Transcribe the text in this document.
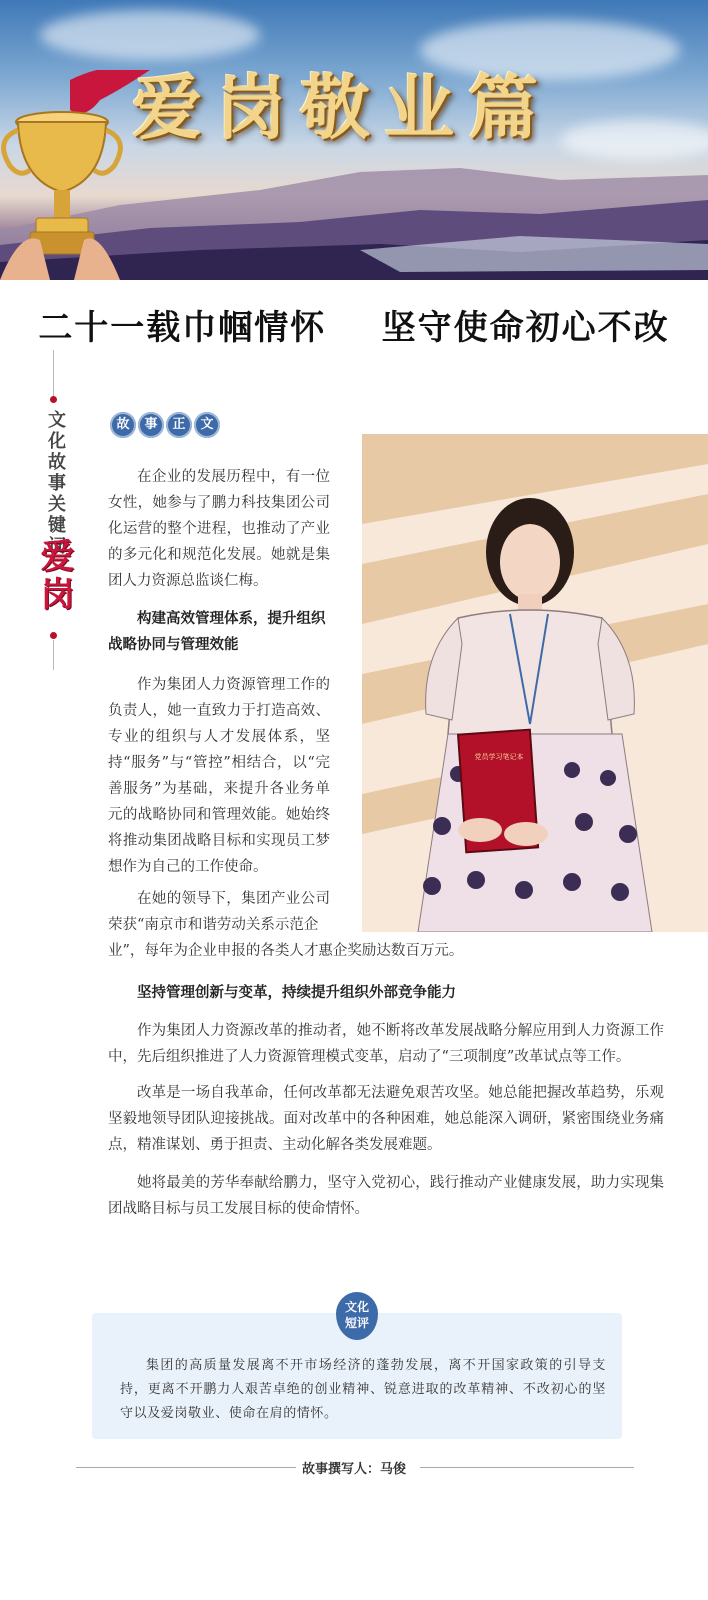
爱岗敬业篇
二十一载巾帼情怀    坚守使命初心不改
文化故事关键词
爱岗
故	事	正	文
党员学习笔记本
在企业的发展历程中，有一位女性，她参与了鹏力科技集团公司化运营的整个进程，也推动了产业的多元化和规范化发展。她就是集团人力资源总监谈仁梅。
构建高效管理体系，提升组织战略协同与管理效能
作为集团人力资源管理工作的负责人，她一直致力于打造高效、专业的组织与人才发展体系，坚持“服务”与“管控”相结合，以“完善服务”为基础，来提升各业务单元的战略协同和管理效能。她始终将推动集团战略目标和实现员工梦想作为自己的工作使命。
在她的领导下，集团产业公司荣获“南京市和谐劳动关系示范企
业”，每年为企业申报的各类人才惠企奖励达数百万元。
坚持管理创新与变革，持续提升组织外部竞争能力
作为集团人力资源改革的推动者，她不断将改革发展战略分解应用到人力资源工作中，先后组织推进了人力资源管理模式变革，启动了“三项制度”改革试点等工作。
改革是一场自我革命，任何改革都无法避免艰苦攻坚。她总能把握改革趋势，乐观坚毅地领导团队迎接挑战。面对改革中的各种困难，她总能深入调研，紧密围绕业务痛点，精准谋划、勇于担责、主动化解各类发展难题。
她将最美的芳华奉献给鹏力，坚守入党初心，践行推动产业健康发展，助力实现集团战略目标与员工发展目标的使命情怀。
文化
短评
集团的高质量发展离不开市场经济的蓬勃发展，离不开国家政策的引导支持，更离不开鹏力人艰苦卓绝的创业精神、锐意进取的改革精神、不改初心的坚守以及爱岗敬业、使命在肩的情怀。
故事撰写人：马俊
